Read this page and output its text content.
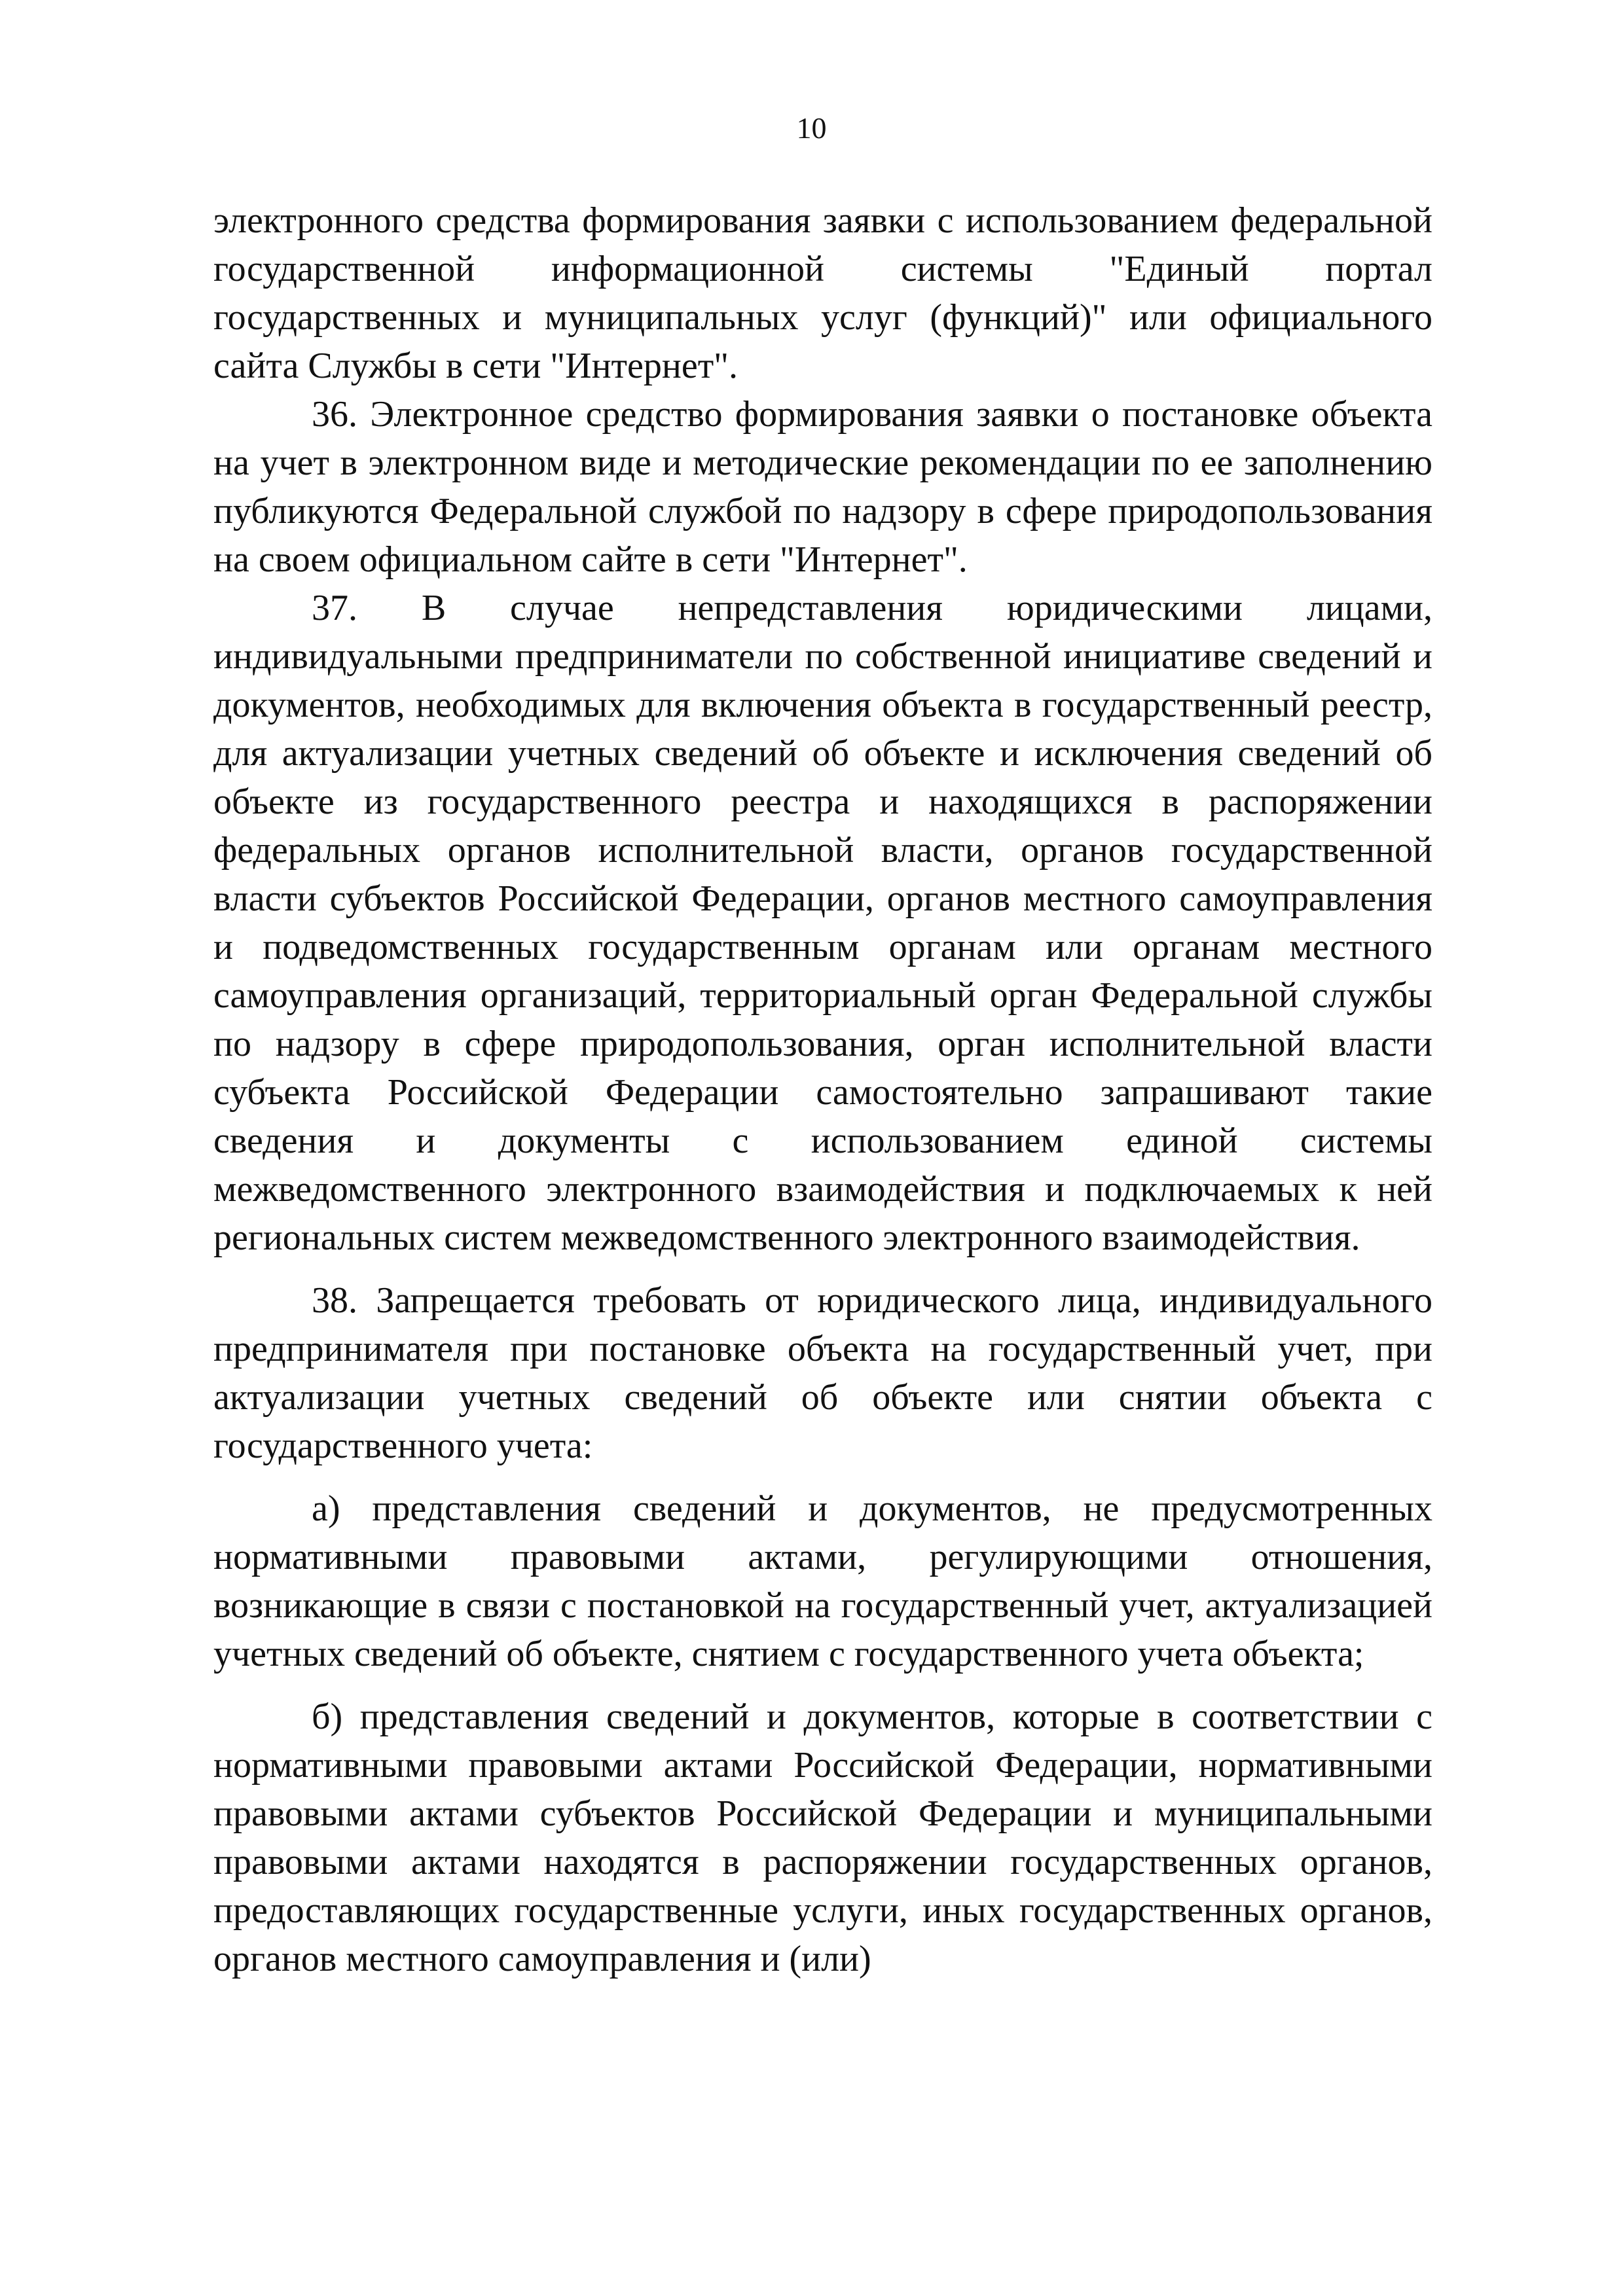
10

электронного средства формирования заявки с использованием федеральной государственной информационной системы "Единый портал государственных и муниципальных услуг (функций)" или официального сайта Службы в сети "Интернет".

36. Электронное средство формирования заявки о постановке объекта на учет в электронном виде и методические рекомендации по ее заполнению публикуются Федеральной службой по надзору в сфере природопользования на своем официальном сайте в сети "Интернет".

37. В случае непредставления юридическими лицами, индивидуальными предприниматели по собственной инициативе сведений и документов, необходимых для включения объекта в государственный реестр, для актуализации учетных сведений об объекте и исключения сведений об объекте из государственного реестра и находящихся в распоряжении федеральных органов исполнительной власти, органов государственной власти субъектов Российской Федерации, органов местного самоуправления и подведомственных государственным органам или органам местного самоуправления организаций, территориальный орган Федеральной службы по надзору в сфере природопользования, орган исполнительной власти субъекта Российской Федерации самостоятельно запрашивают такие сведения и документы с использованием единой системы межведомственного электронного взаимодействия и подключаемых к ней региональных систем межведомственного электронного взаимодействия.

38. Запрещается требовать от юридического лица, индивидуального предпринимателя при постановке объекта на государственный учет, при актуализации учетных сведений об объекте или снятии объекта с государственного учета:

а) представления сведений и документов, не предусмотренных нормативными правовыми актами, регулирующими отношения, возникающие в связи с постановкой на государственный учет, актуализацией учетных сведений об объекте, снятием с государственного учета объекта;

б) представления сведений и документов, которые в соответствии с нормативными правовыми актами Российской Федерации, нормативными правовыми актами субъектов Российской Федерации и муниципальными правовыми актами находятся в распоряжении государственных органов, предоставляющих государственные услуги, иных государственных органов, органов местного самоуправления и (или)
